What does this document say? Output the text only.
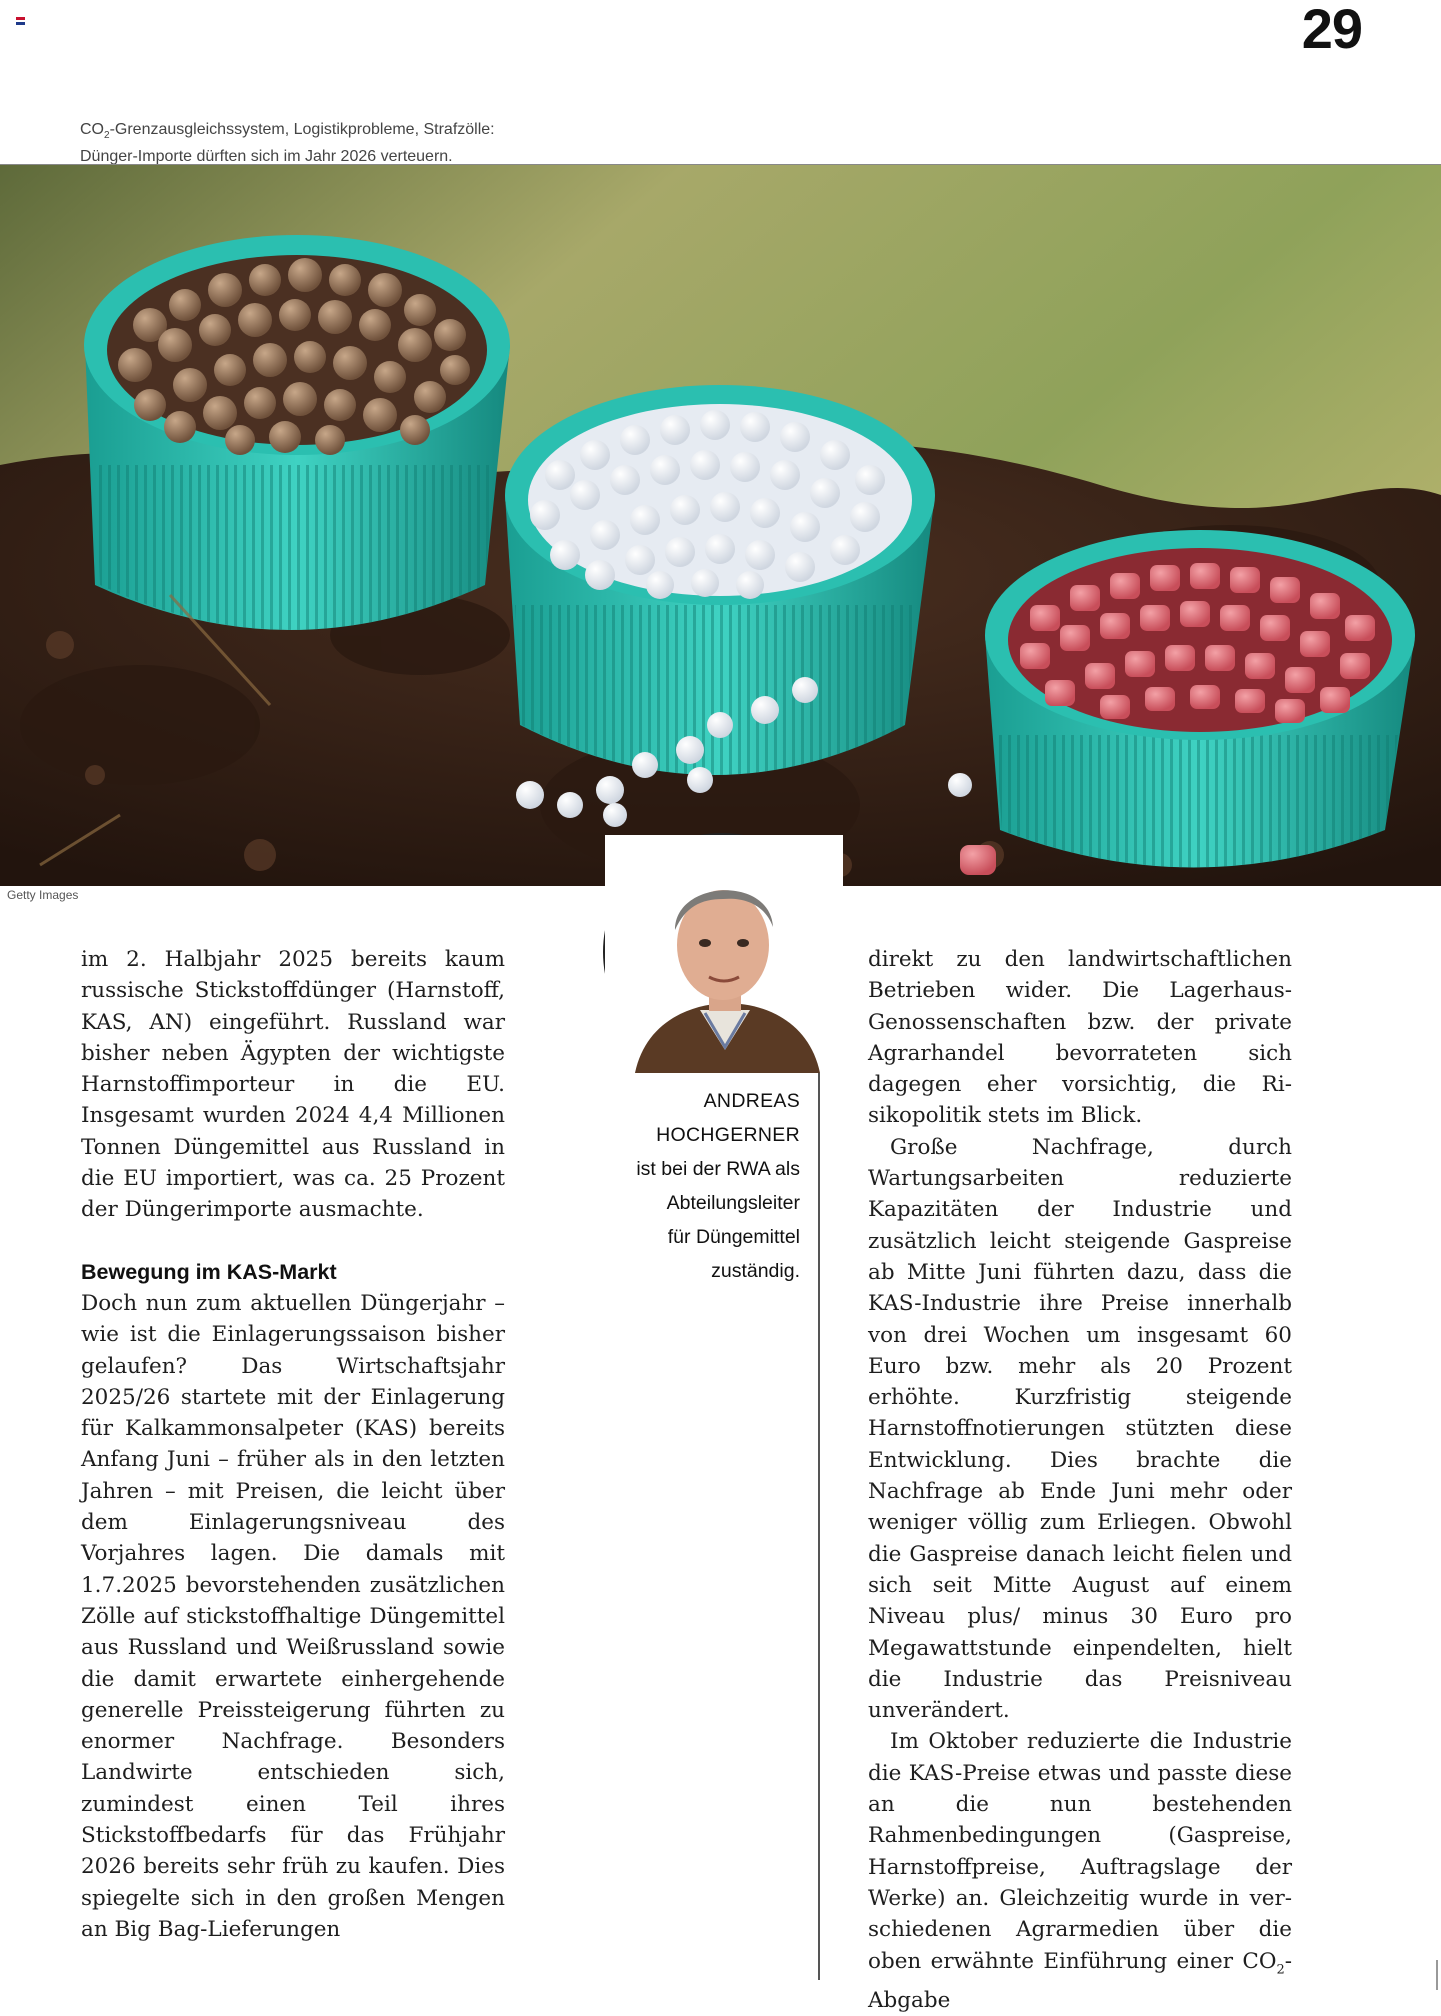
29
$CO_2$-Grenzausgleichssystem, Logistikprobleme, Strafzölle:
Dünger-Importe dürften sich im Jahr 2026 verteuern.
Getty Images
ANDREAS
HOCHGERNER
ist bei der RWA als
Abteilungsleiter
für Düngemittel
zuständig.

im 2. Halbjahr 2025 bereits kaum russische Stickstoffdünger (Harnstoff, KAS, AN) eingeführt. Russland war bisher neben Ägypten der wichtigste Harnstoffimporteur in die EU. Insgesamt wurden 2024 4,4 Millionen Tonnen Düngemittel aus Russland in die EU importiert, was ca. 25 Prozent der Düngerimporte ausmachte.

Bewegung im KAS-Markt

Doch nun zum aktuellen Düngerjahr – wie ist die Einlagerungssaison bisher gelaufen? Das Wirtschaftsjahr 2025/26 startete mit der Einlagerung für Kalkammonsalpeter (KAS) bereits Anfang Juni – früher als in den letzten Jahren – mit Preisen, die leicht über dem Einlagerungsniveau des Vorjahres lagen. Die damals mit 1.7.2025 bevorstehenden zusätzlichen Zölle auf stickstoffhaltige Düngemittel aus Russland und Weißrussland sowie die damit erwartete einhergehende generelle Preissteigerung führten zu enormer Nachfrage. Besonders Landwirte entschieden sich, zumindest einen Teil ihres Stickstoffbedarfs für das Frühjahr 2026 bereits sehr früh zu kaufen. Dies spiegelte sich in den großen Mengen an Big Bag-Lieferungen

direkt zu den landwirtschaftlichen Betrieben wider. Die Lagerhaus-Genossenschaften bzw. der private Agrarhandel bevorrateten sich dagegen eher vorsichtig, die Risikopolitik stets im Blick.

Große Nachfrage, durch Wartungsarbeiten reduzierte Kapazitäten der Industrie und zusätzlich leicht steigende Gaspreise ab Mitte Juni führten dazu, dass die KAS-Industrie ihre Preise innerhalb von drei Wochen um insgesamt 60 Euro bzw. mehr als 20 Prozent erhöhte. Kurzfristig steigende Harnstoffnotierungen stützten diese Entwicklung. Dies brachte die Nachfrage ab Ende Juni mehr oder weniger völlig zum Erliegen. Obwohl die Gaspreise danach leicht fielen und sich seit Mitte August auf einem Niveau plus/ minus 30 Euro pro Megawattstunde einpendelten, hielt die Industrie das Preisniveau unverändert.

Im Oktober reduzierte die Industrie die KAS-Preise etwas und passte diese an die nun bestehenden Rahmenbedingungen (Gaspreise, Harnstoffpreise, Auftragslage der Werke) an. Gleichzeitig wurde in verschiedenen Agrarmedien über die oben erwähnte Einführung einer $CO_2$-Abgabe
